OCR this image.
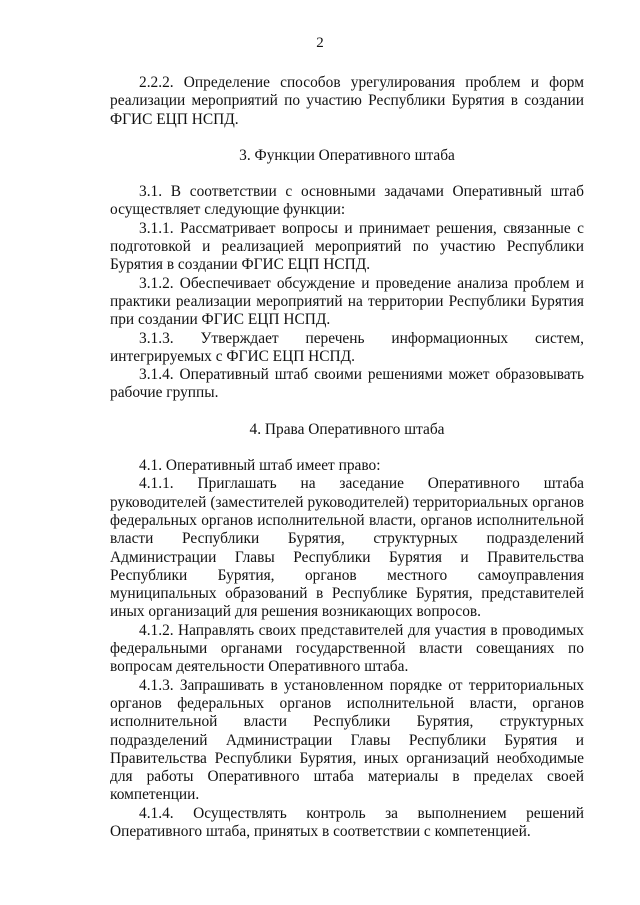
2

2.2.2. Определение способов урегулирования проблем и форм реализации мероприятий по участию Республики Бурятия в создании ФГИС ЕЦП НСПД.

3. Функции Оперативного штаба

3.1. В соответствии с основными задачами Оперативный штаб осуществляет следующие функции:

3.1.1. Рассматривает вопросы и принимает решения, связанные с подготовкой и реализацией мероприятий по участию Республики Бурятия в создании ФГИС ЕЦП НСПД.

3.1.2. Обеспечивает обсуждение и проведение анализа проблем и практики реализации мероприятий на территории Республики Бурятия при создании ФГИС ЕЦП НСПД.

3.1.3. Утверждает перечень информационных систем, интегрируемых с ФГИС ЕЦП НСПД.

3.1.4. Оперативный штаб своими решениями может образовывать рабочие группы.

4. Права Оперативного штаба

4.1. Оперативный штаб имеет право:

4.1.1. Приглашать на заседание Оперативного штаба руководителей (заместителей руководителей) территориальных органов федеральных органов исполнительной власти, органов исполнительной власти Республики Бурятия, структурных подразделений Администрации Главы Республики Бурятия и Правительства Республики Бурятия, органов местного самоуправления муниципальных образований в Республике Бурятия, представителей иных организаций для решения возникающих вопросов.

4.1.2. Направлять своих представителей для участия в проводимых федеральными органами государственной власти совещаниях по вопросам деятельности Оперативного штаба.

4.1.3. Запрашивать в установленном порядке от территориальных органов федеральных органов исполнительной власти, органов исполнительной власти Республики Бурятия, структурных подразделений Администрации Главы Республики Бурятия и Правительства Республики Бурятия, иных организаций необходимые для работы Оперативного штаба материалы в пределах своей компетенции.

4.1.4. Осуществлять контроль за выполнением решений Оперативного штаба, принятых в соответствии с компетенцией.
